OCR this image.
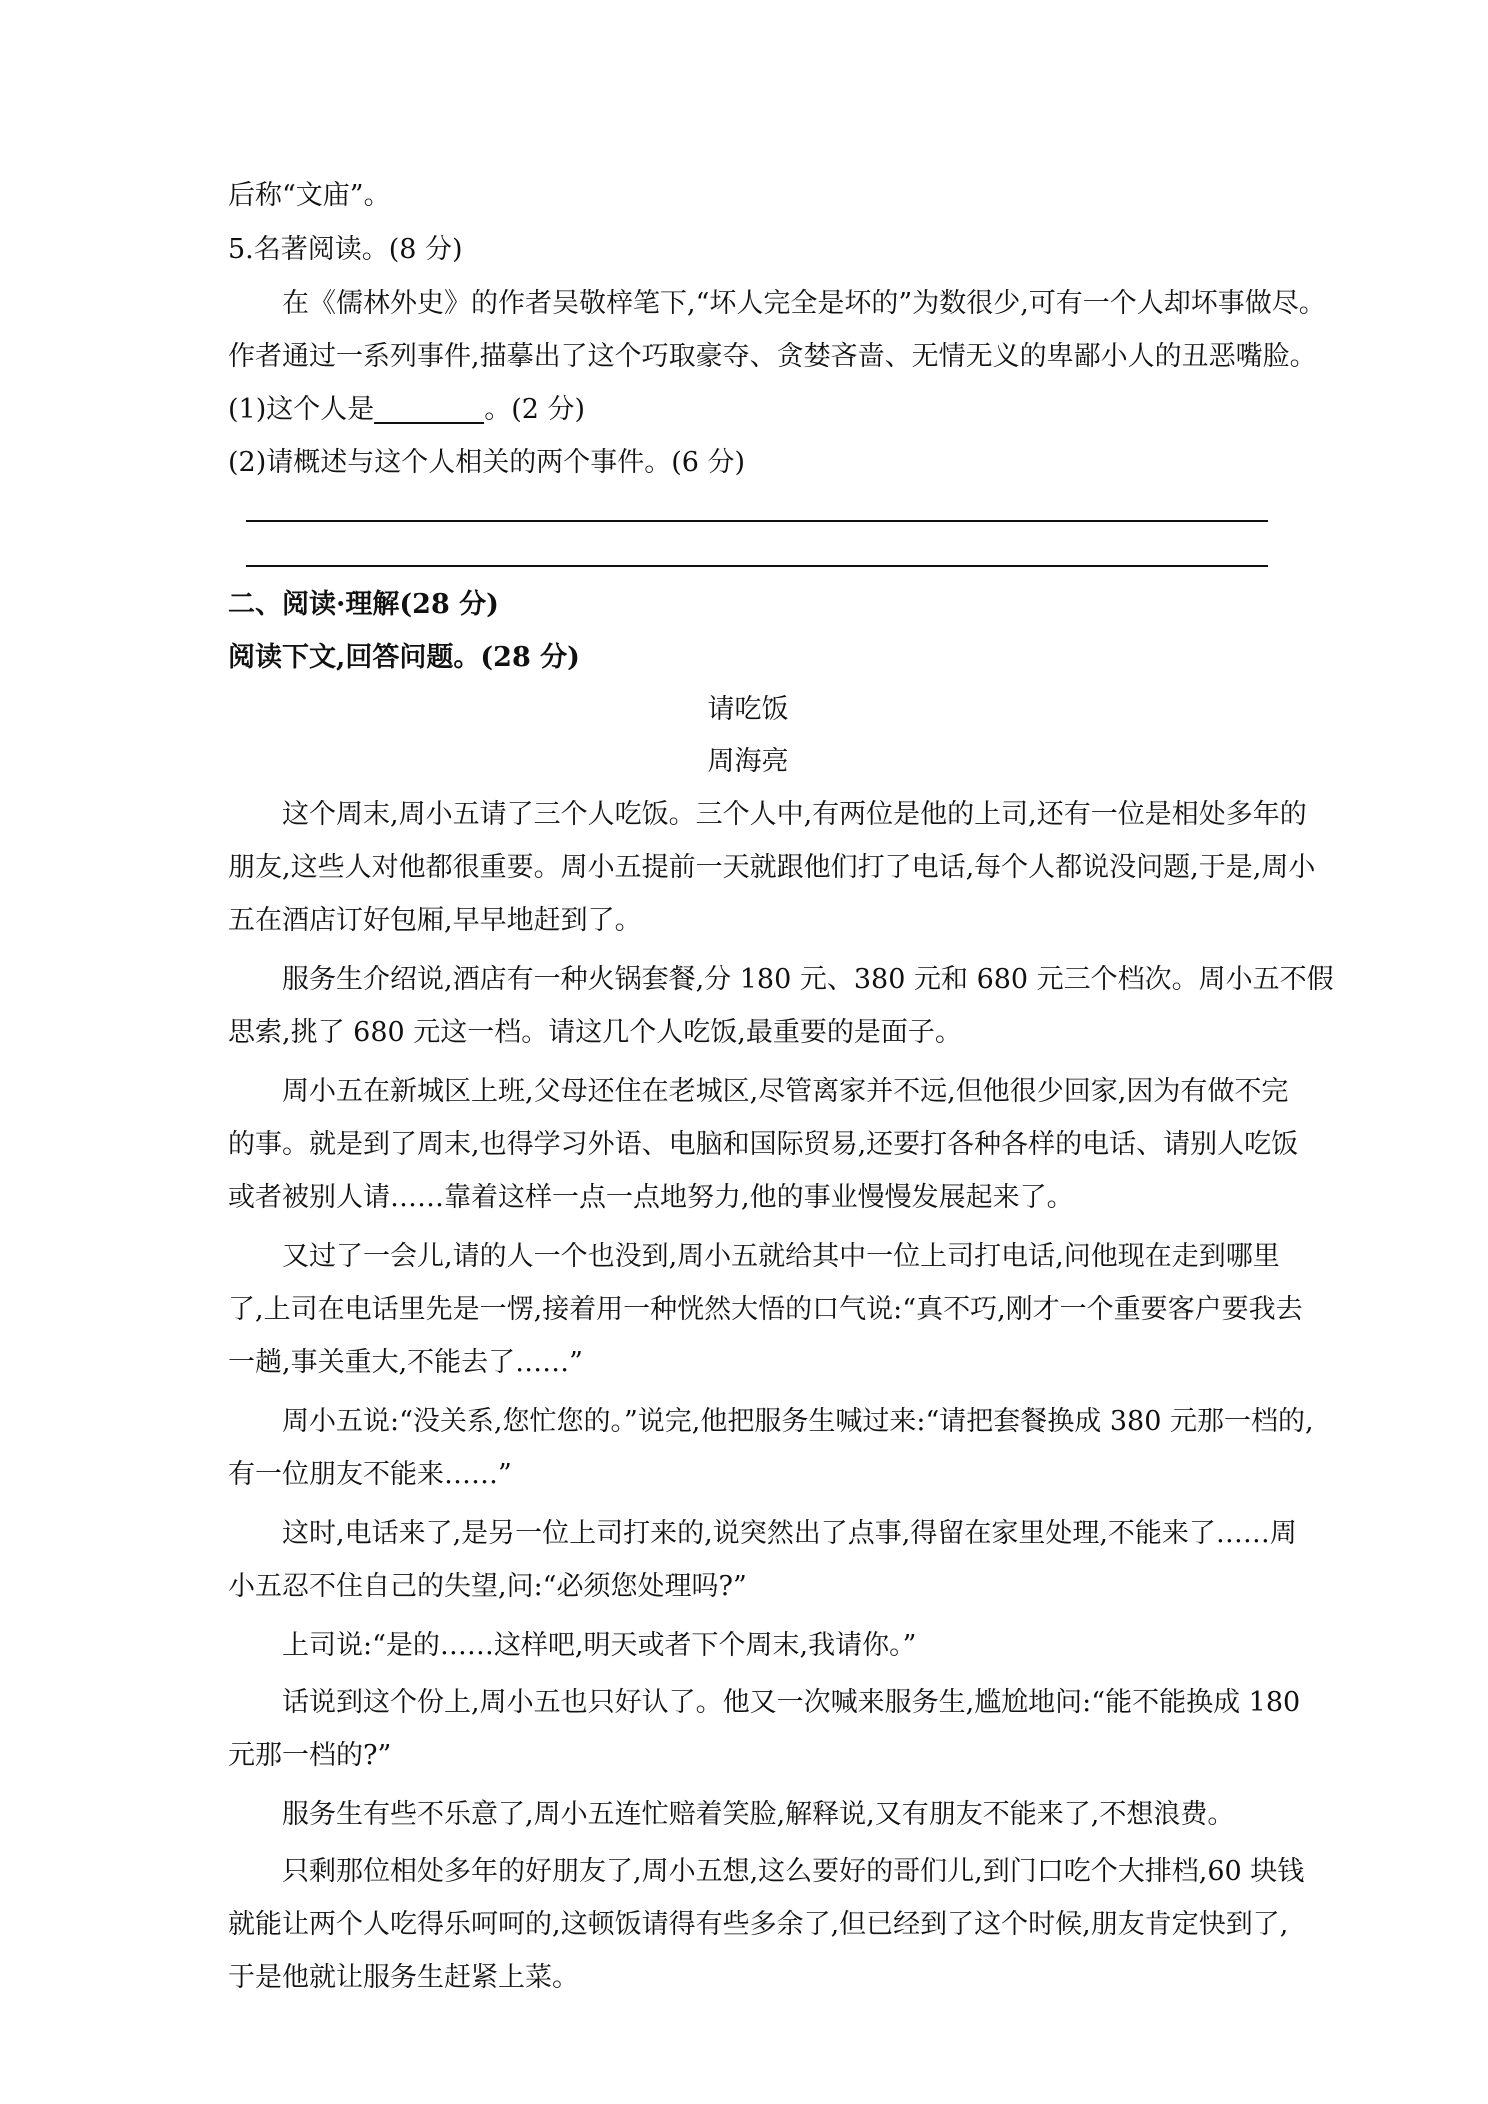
后称“文庙”。
5.名著阅读。(8 分)
在《儒林外史》的作者吴敬梓笔下,“坏人完全是坏的”为数很少,可有一个人却坏事做尽。
作者通过一系列事件,描摹出了这个巧取豪夺、贪婪吝啬、无情无义的卑鄙小人的丑恶嘴脸。
(1)这个人是	。(2 分)
(2)请概述与这个人相关的两个事件。(6 分)
二、阅读·理解(28 分)
阅读下文,回答问题。(28 分)
请吃饭
周海亮
这个周末,周小五请了三个人吃饭。三个人中,有两位是他的上司,还有一位是相处多年的
朋友,这些人对他都很重要。周小五提前一天就跟他们打了电话,每个人都说没问题,于是,周小
五在酒店订好包厢,早早地赶到了。
服务生介绍说,酒店有一种火锅套餐,分 180 元、380 元和 680 元三个档次。周小五不假
思索,挑了 680 元这一档。请这几个人吃饭,最重要的是面子。
周小五在新城区上班,父母还住在老城区,尽管离家并不远,但他很少回家,因为有做不完
的事。就是到了周末,也得学习外语、电脑和国际贸易,还要打各种各样的电话、请别人吃饭
或者被别人请……靠着这样一点一点地努力,他的事业慢慢发展起来了。
又过了一会儿,请的人一个也没到,周小五就给其中一位上司打电话,问他现在走到哪里
了,上司在电话里先是一愣,接着用一种恍然大悟的口气说:“真不巧,刚才一个重要客户要我去
一趟,事关重大,不能去了……”
周小五说:“没关系,您忙您的。”说完,他把服务生喊过来:“请把套餐换成 380 元那一档的,
有一位朋友不能来……”
这时,电话来了,是另一位上司打来的,说突然出了点事,得留在家里处理,不能来了……周
小五忍不住自己的失望,问:“必须您处理吗?”
上司说:“是的……这样吧,明天或者下个周末,我请你。”
话说到这个份上,周小五也只好认了。他又一次喊来服务生,尴尬地问:“能不能换成 180
元那一档的?”
服务生有些不乐意了,周小五连忙赔着笑脸,解释说,又有朋友不能来了,不想浪费。
只剩那位相处多年的好朋友了,周小五想,这么要好的哥们儿,到门口吃个大排档,60 块钱
就能让两个人吃得乐呵呵的,这顿饭请得有些多余了,但已经到了这个时候,朋友肯定快到了,
于是他就让服务生赶紧上菜。
